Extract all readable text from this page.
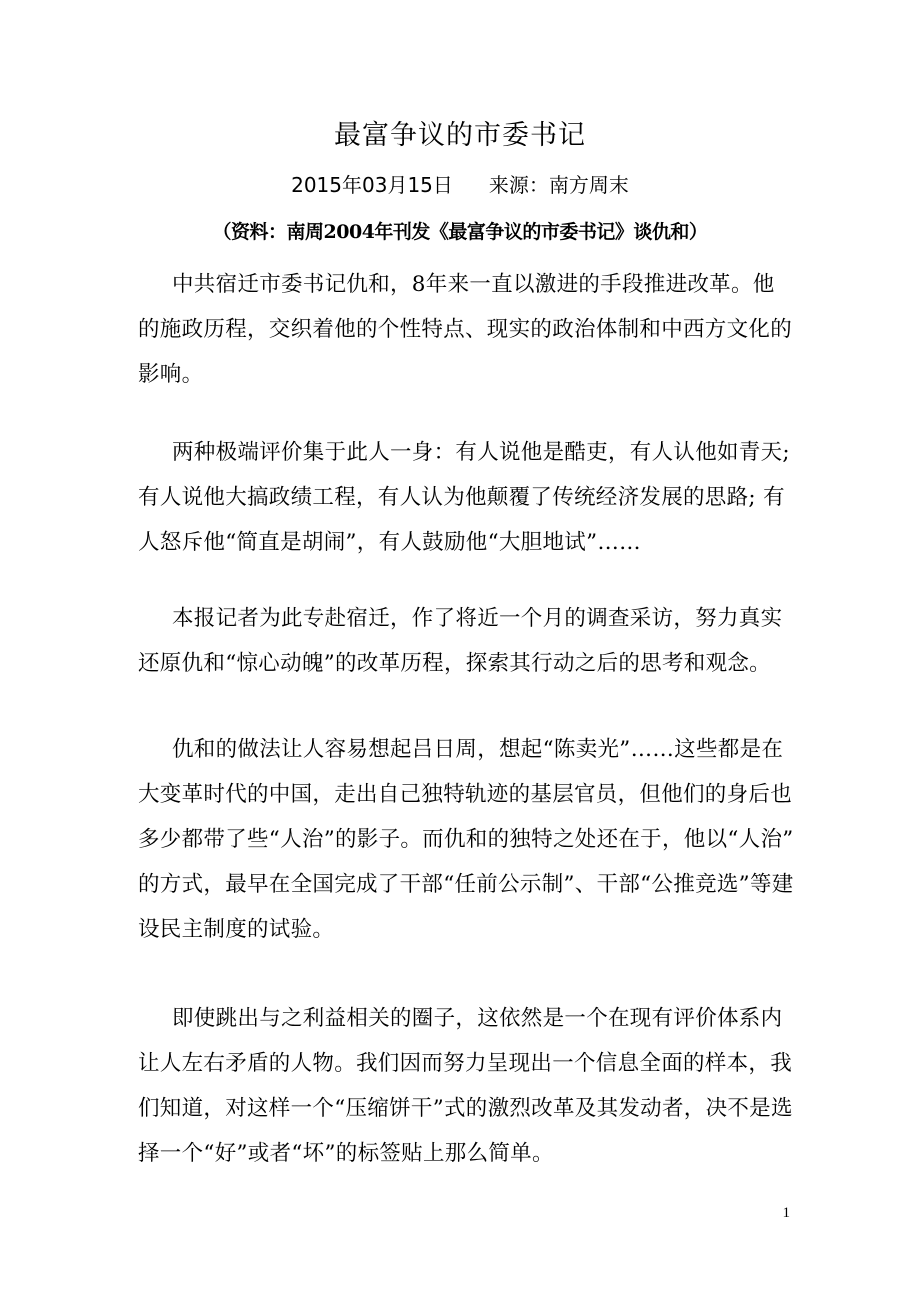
最富争议的市委书记
2015年03月15日 来源：南方周末
（资料：南周2004年刊发《最富争议的市委书记》谈仇和）
中共宿迁市委书记仇和，8年来一直以激进的手段推进改革。他
的施政历程，交织着他的个性特点、现实的政治体制和中西方文化的
影响。
两种极端评价集于此人一身：有人说他是酷吏，有人认他如青天;
有人说他大搞政绩工程，有人认为他颠覆了传统经济发展的思路; 有
人怒斥他“简直是胡闹”，有人鼓励他“大胆地试”……
本报记者为此专赴宿迁，作了将近一个月的调查采访，努力真实
还原仇和“惊心动魄”的改革历程，探索其行动之后的思考和观念。
仇和的做法让人容易想起吕日周，想起“陈卖光”……这些都是在
大变革时代的中国，走出自己独特轨迹的基层官员，但他们的身后也
多少都带了些“人治”的影子。而仇和的独特之处还在于，他以“人治”
的方式，最早在全国完成了干部“任前公示制”、干部“公推竞选”等建
设民主制度的试验。
即使跳出与之利益相关的圈子，这依然是一个在现有评价体系内
让人左右矛盾的人物。我们因而努力呈现出一个信息全面的样本，我
们知道，对这样一个“压缩饼干”式的激烈改革及其发动者，决不是选
择一个“好”或者“坏”的标签贴上那么简单。
1
